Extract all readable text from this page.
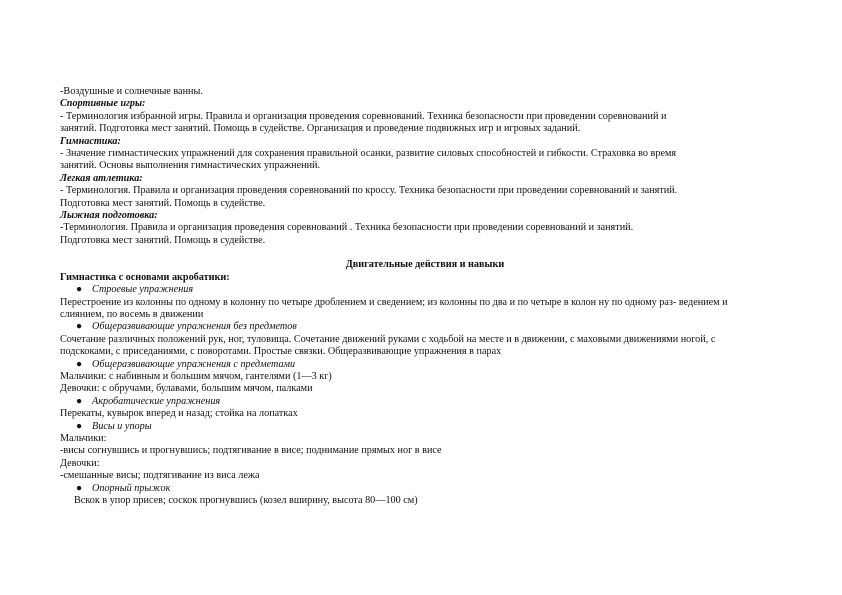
-Воздушные и солнечные ванны.
Спортивные игры:
- Терминология избранной игры. Правила и организация проведения соревнований. Техника безопасности при проведении соревнований и
занятий. Подготовка мест занятий. Помощь в судействе. Организация и проведение подвижных игр и игровых заданий.
Гимнастика:
- Значение гимнастических упражнений для сохранения правильной осанки, развитие силовых способностей и гибкости. Страховка во время
занятий. Основы выполнения гимнастических упражнений.
Легкая атлетика:
- Терминология. Правила и организация проведения соревнований по кроссу. Техника безопасности при проведении соревнований и занятий.
Подготовка мест занятий. Помощь в судействе.
Лыжная подготовка:
-Терминология. Правила и организация проведения соревнований . Техника безопасности при проведении соревнований и занятий.
Подготовка мест занятий. Помощь в судействе.
Двигательные действия и навыки
Гимнастика с основами акробатики:
● Строевые упражнения
Перестроение из колонны по одному в колонну по четыре дроблением и сведением; из колонны по два и по четыре в колон ну по одному раз- ведением и
слиянием, по восемь в движении
● Общеразвивающие упражнения без предметов
Сочетание различных положений рук, ног, туловища. Сочетание движений руками с ходьбой на месте и в движении, с маховыми движениями ногой, с
подскоками, с приседаниями, с поворотами. Простые связки. Общеразвивающие упражнения в парах
● Общеразвивающие упражнения с предметами
Мальчики: с набивным и большим мячом, гантелями (1—3 кг)
Девочки: с обручами, булавами, большим мячом, палками
● Акробатические упражнения
Перекаты, кувырок вперед и назад; стойка на лопатках
● Висы и упоры
Мальчики:
-висы согнувшись и прогнувшись; подтягивание в висе; поднимание прямых ног в висе
Девочки:
-смешанные висы; подтягивание из виса лежа
● Опорный прыжок
Вскок в упор присев; соскок прогнувшись (козел вширину, высота 80—100 см)
